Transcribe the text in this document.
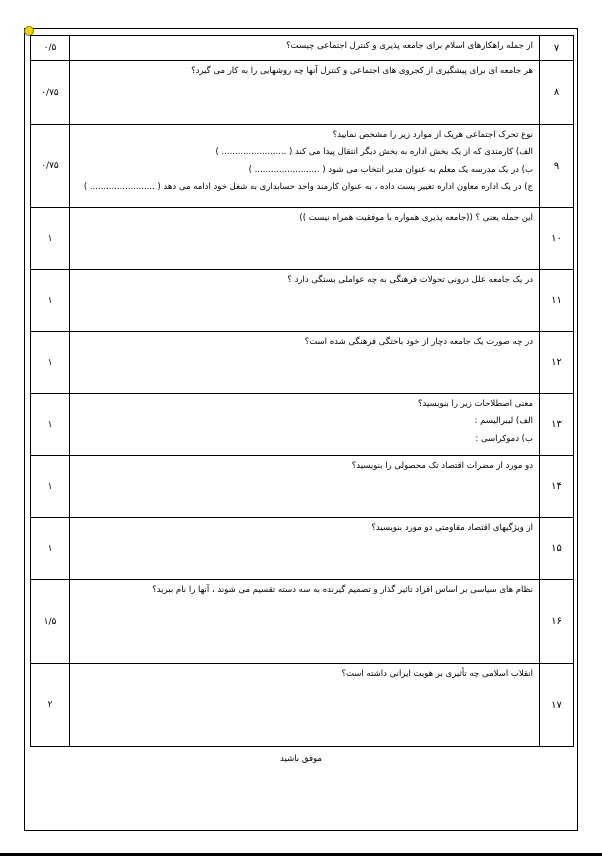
۷	از جمله راهکارهای اسلام برای جامعه پذیری و کنترل اجتماعی چیست؟	۰/۵
۸	هر جامعه ای برای پیشگیری از کجروی های اجتماعی و کنترل آنها چه روشهایی را به کار می گیرد؟	۰/۷۵
۹	نوع تحرک اجتماعی هریک از موارد زیر را مشخص نمایید؟
الف) کارمندی که از یک بخش اداره به بخش دیگر انتقال پیدا می کند ( ........................ )
ب) در یک مدرسه یک معلم به عنوان مدیر انتخاب می شود ( ........................ )
ج) در یک اداره معاون اداره تغییر پست داده ، به عنوان کارمند واحد حسابداری به شغل خود ادامه می دهد ( ........................ )	۰/۷۵
۱۰	این جمله یعنی ؟ ((جامعه پذیری همواره با موفقیت همراه نیست ))	۱
۱۱	در یک جامعه علل درونی تحولات فرهنگی به چه عواملی بستگی دارد ؟	۱
۱۲	در چه صورت یک جامعه دچار از خود باختگی فرهنگی شده است؟	۱
۱۳	معنی اصطلاحات زیر را بنویسید؟
الف) لیبرالیسم :
ب) دموکراسی :	۱
۱۴	دو مورد از مضرات اقتصاد تک محصولی را بنویسید؟	۱
۱۵	از ویژگیهای اقتصاد مقاومتی دو مورد بنویسید؟	۱
۱۶	نظام های سیاسی بر اساس افراد تاثیر گذار و تصمیم گیرنده به سه دسته تقسیم می شوند ، آنها را نام ببرید؟	۱/۵
۱۷	انقلاب اسلامی چه تأثیری بر هویت ایرانی داشته است؟	۲
موفق باشید
